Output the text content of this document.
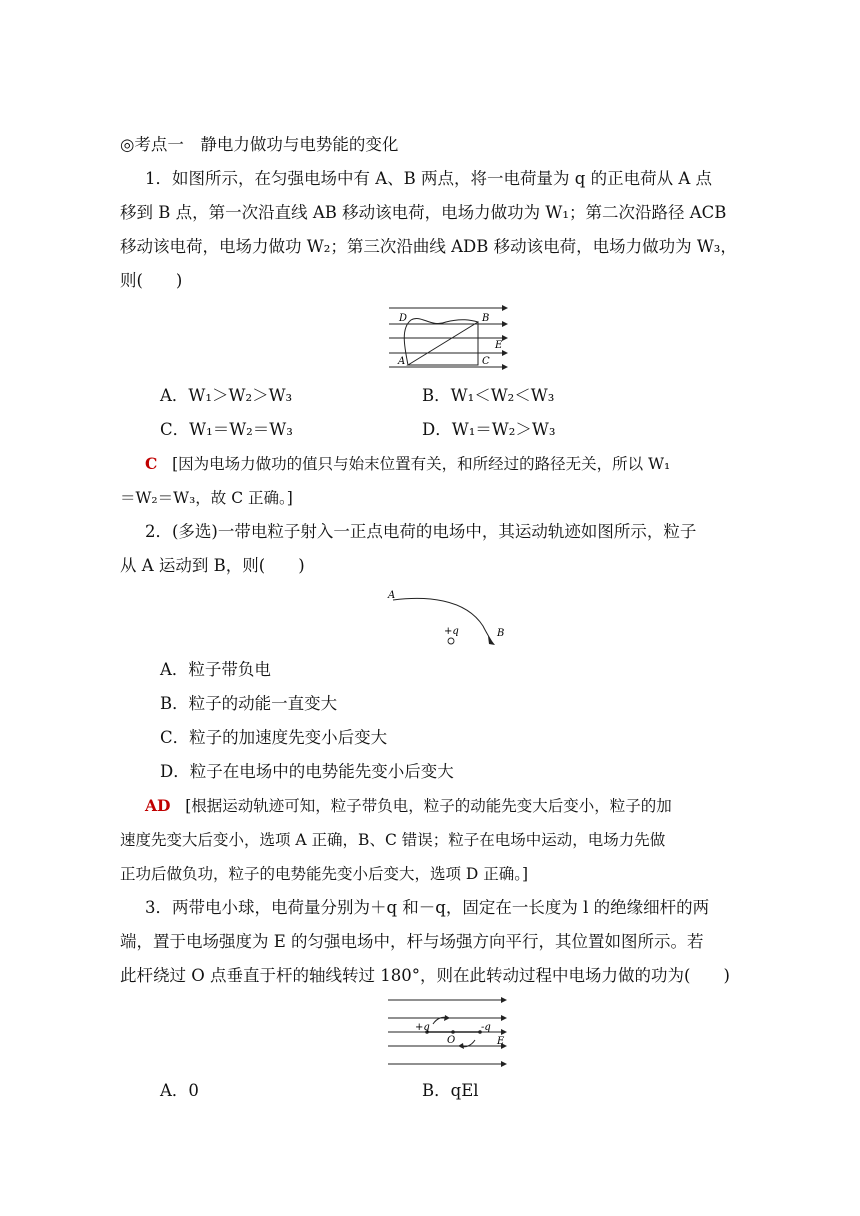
◎考点一　静电力做功与电势能的变化
1．如图所示，在匀强电场中有 A、B 两点，将一电荷量为 q 的正电荷从 A 点
移到 B 点，第一次沿直线 AB 移动该电荷，电场力做功为 W₁；第二次沿路径 ACB
移动该电荷，电场力做功 W₂；第三次沿曲线 ADB 移动该电荷，电场力做功为 W₃，
则(　　)
D	B
E
A	C
A．W₁＞W₂＞W₃	B．W₁＜W₂＜W₃
C．W₁＝W₂＝W₃	D．W₁＝W₂＞W₃
C [因为电场力做功的值只与始末位置有关，和所经过的路径无关，所以 W₁
＝W₂＝W₃，故 C 正确。]
2．(多选)一带电粒子射入一正点电荷的电场中，其运动轨迹如图所示，粒子
从 A 运动到 B，则(　　)
A
B
+q
A．粒子带负电
B．粒子的动能一直变大
C．粒子的加速度先变小后变大
D．粒子在电场中的电势能先变小后变大
AD [根据运动轨迹可知，粒子带负电，粒子的动能先变大后变小，粒子的加
速度先变大后变小，选项 A 正确，B、C 错误；粒子在电场中运动，电场力先做
正功后做负功，粒子的电势能先变小后变大，选项 D 正确。]
3．两带电小球，电荷量分别为＋q 和－q，固定在一长度为 l 的绝缘细杆的两
端，置于电场强度为 E 的匀强电场中，杆与场强方向平行，其位置如图所示。若
此杆绕过 O 点垂直于杆的轴线转过 180°，则在此转动过程中电场力做的功为(　　)
+q
O
-q
E
A．0	B．qEl
